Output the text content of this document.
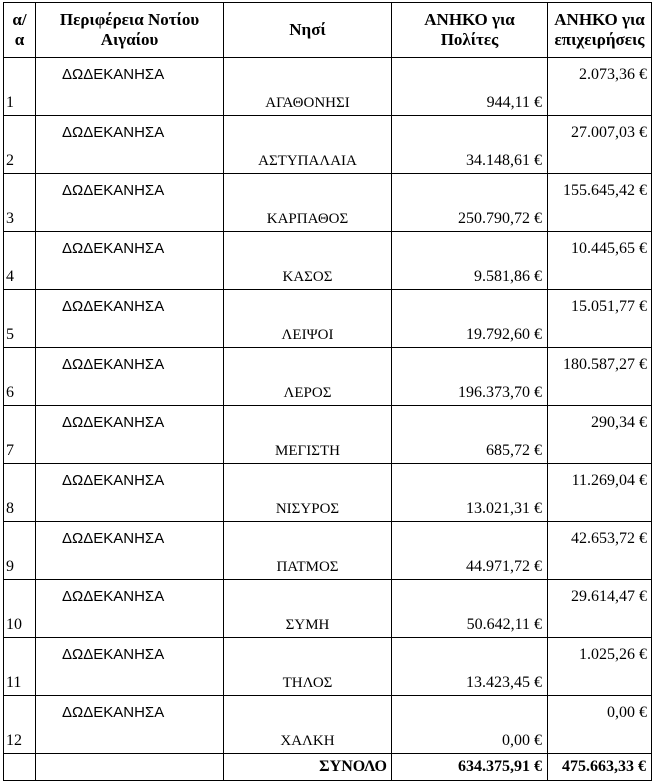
α/
α	Περιφέρεια Νοτίου Αιγαίου	Νησί	ΑΝΗΚΟ για Πολίτες	ΑΝΗΚΟ για επιχειρήσεις
1	ΔΩΔΕΚΑΝΗΣΑ	ΑΓΑΘΟΝΗΣΙ	944,11 €	2.073,36 €
2	ΔΩΔΕΚΑΝΗΣΑ	ΑΣΤΥΠΑΛΑΙΑ	34.148,61 €	27.007,03 €
3	ΔΩΔΕΚΑΝΗΣΑ	ΚΑΡΠΑΘΟΣ	250.790,72 €	155.645,42 €
4	ΔΩΔΕΚΑΝΗΣΑ	ΚΑΣΟΣ	9.581,86 €	10.445,65 €
5	ΔΩΔΕΚΑΝΗΣΑ	ΛΕΙΨΟΙ	19.792,60 €	15.051,77 €
6	ΔΩΔΕΚΑΝΗΣΑ	ΛΕΡΟΣ	196.373,70 €	180.587,27 €
7	ΔΩΔΕΚΑΝΗΣΑ	ΜΕΓΙΣΤΗ	685,72 €	290,34 €
8	ΔΩΔΕΚΑΝΗΣΑ	ΝΙΣΥΡΟΣ	13.021,31 €	11.269,04 €
9	ΔΩΔΕΚΑΝΗΣΑ	ΠΑΤΜΟΣ	44.971,72 €	42.653,72 €
10	ΔΩΔΕΚΑΝΗΣΑ	ΣΥΜΗ	50.642,11 €	29.614,47 €
11	ΔΩΔΕΚΑΝΗΣΑ	ΤΗΛΟΣ	13.423,45 €	1.025,26 €
12	ΔΩΔΕΚΑΝΗΣΑ	ΧΑΛΚΗ	0,00 €	0,00 €
		ΣΥΝΟΛΟ	634.375,91 €	475.663,33 €
